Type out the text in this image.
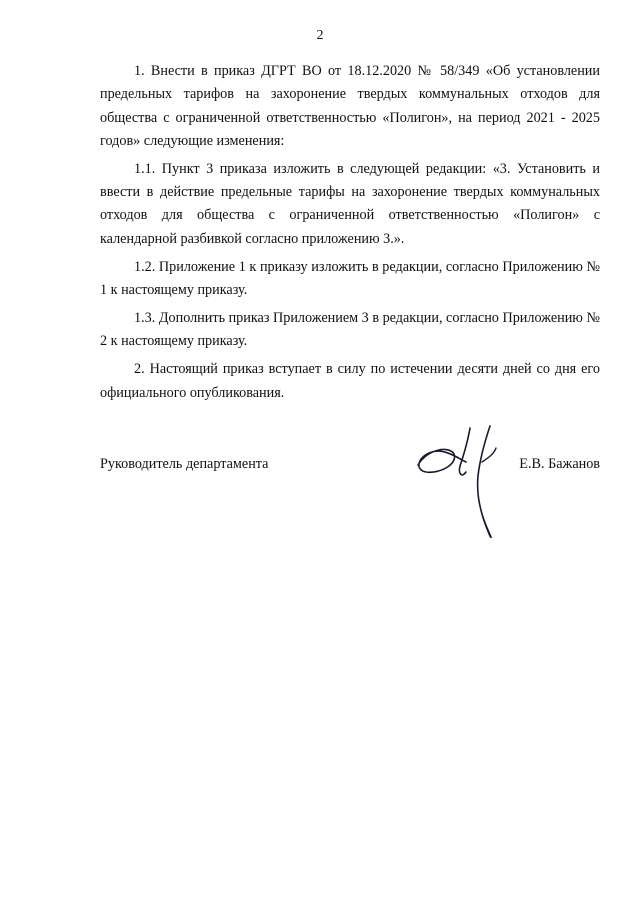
2

1. Внести в приказ ДГРТ ВО от 18.12.2020 № 58/349 «Об установлении предельных тарифов на захоронение твердых коммунальных отходов для общества с ограниченной ответственностью «Полигон», на период 2021 - 2025 годов» следующие изменения:

1.1. Пункт 3 приказа изложить в следующей редакции: «3. Установить и ввести в действие предельные тарифы на захоронение твердых коммунальных отходов для общества с ограниченной ответственностью «Полигон» с календарной разбивкой согласно приложению 3.».

1.2. Приложение 1 к приказу изложить в редакции, согласно Приложению № 1 к настоящему приказу.

1.3. Дополнить приказ Приложением 3 в редакции, согласно Приложению № 2 к настоящему приказу.

2. Настоящий приказ вступает в силу по истечении десяти дней со дня его официального опубликования.

Руководитель департамента	Е.В. Бажанов
